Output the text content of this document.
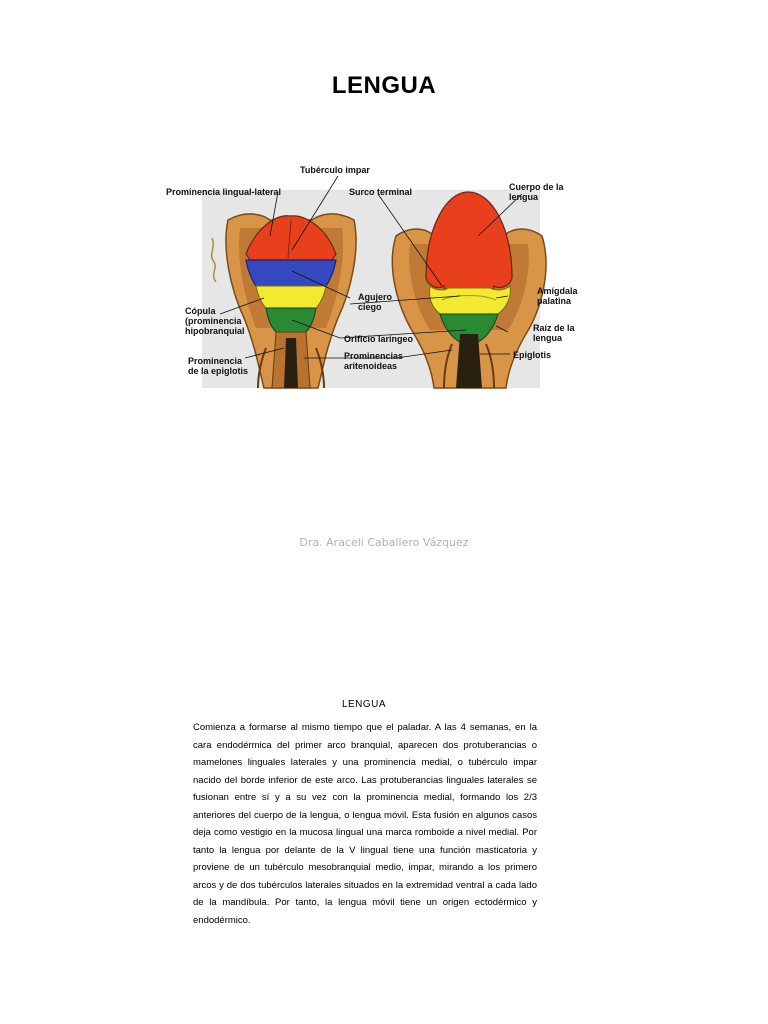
LENGUA
Tubérculo impar
Prominencia lingual-lateral	Surco terminal	Cuerpo de la
lengua
Amígdala
palatina
Agujero
ciego
Cópula
(prominencia
hipobranquial	Raíz de la
lengua
Orificio laríngeo
Epiglotis
Prominencia
de la epiglotis
Prominencias
aritenoideas
Dra. Araceli Caballero Vázquez
LENGUA

Comienza a formarse al mismo tiempo que el paladar. A las 4 semanas, en la cara endodérmica del primer arco branquial, aparecen dos protuberancias o mamelones linguales laterales y una prominencia medial, o tubérculo impar nacido del borde inferior de este arco. Las protuberancias linguales laterales se fusionan entre sí y a su vez con la prominencia medial, formando los 2/3 anteriores del cuerpo de la lengua, o lengua móvil. Esta fusión en algunos casos deja como vestigio en la mucosa lingual una marca romboide a nivel medial. Por tanto la lengua por delante de la V lingual tiene una función masticatoria y proviene de un tubérculo mesobranquial medio, impar, mirando a los primero arcos y de dos tubérculos laterales situados en la extremidad ventral a cada lado de la mandíbula. Por tanto, la lengua móvil tiene un origen ectodérmico y endodérmico.
